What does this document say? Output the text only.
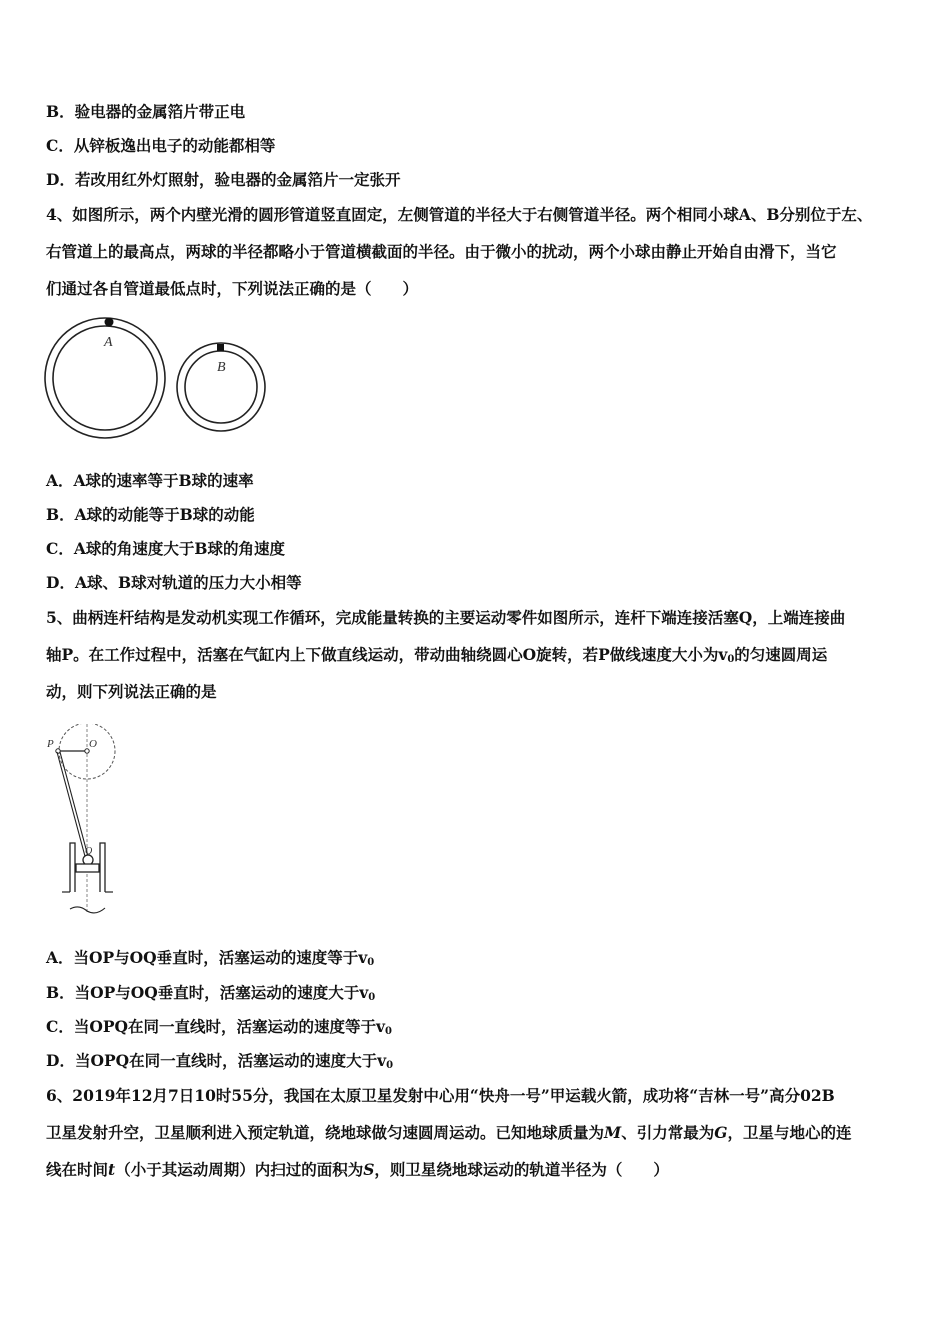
B．验电器的金属箔片带正电
C．从锌板逸出电子的动能都相等
D．若改用红外灯照射，验电器的金属箔片一定张开
4、如图所示，两个内壁光滑的圆形管道竖直固定，左侧管道的半径大于右侧管道半径。两个相同小球A、B分别位于左、
右管道上的最高点，两球的半径都略小于管道横截面的半径。由于微小的扰动，两个小球由静止开始自由滑下，当它
们通过各自管道最低点时，下列说法正确的是（　　）
A
B
A．A球的速率等于B球的速率
B．A球的动能等于B球的动能
C．A球的角速度大于B球的角速度
D．A球、B球对轨道的压力大小相等
5、曲柄连杆结构是发动机实现工作循环，完成能量转换的主要运动零件如图所示，连杆下端连接活塞Q，上端连接曲
轴P。在工作过程中，活塞在气缸内上下做直线运动，带动曲轴绕圆心O旋转，若P做线速度大小为$v_0$的匀速圆周运
动，则下列说法正确的是
P	O
Q
A．当OP与OQ垂直时，活塞运动的速度等于$v_0$
B．当OP与OQ垂直时，活塞运动的速度大于$v_0$
C．当OPQ在同一直线时，活塞运动的速度等于$v_0$
D．当OPQ在同一直线时，活塞运动的速度大于$v_0$
6、2019年12月7日10时55分，我国在太原卫星发射中心用“快舟一号”甲运载火箭，成功将“吉林一号”高分02B
卫星发射升空，卫星顺利进入预定轨道，绕地球做匀速圆周运动。已知地球质量为M、引力常最为G，卫星与地心的连
线在时间t（小于其运动周期）内扫过的面积为S，则卫星绕地球运动的轨道半径为（　　）
